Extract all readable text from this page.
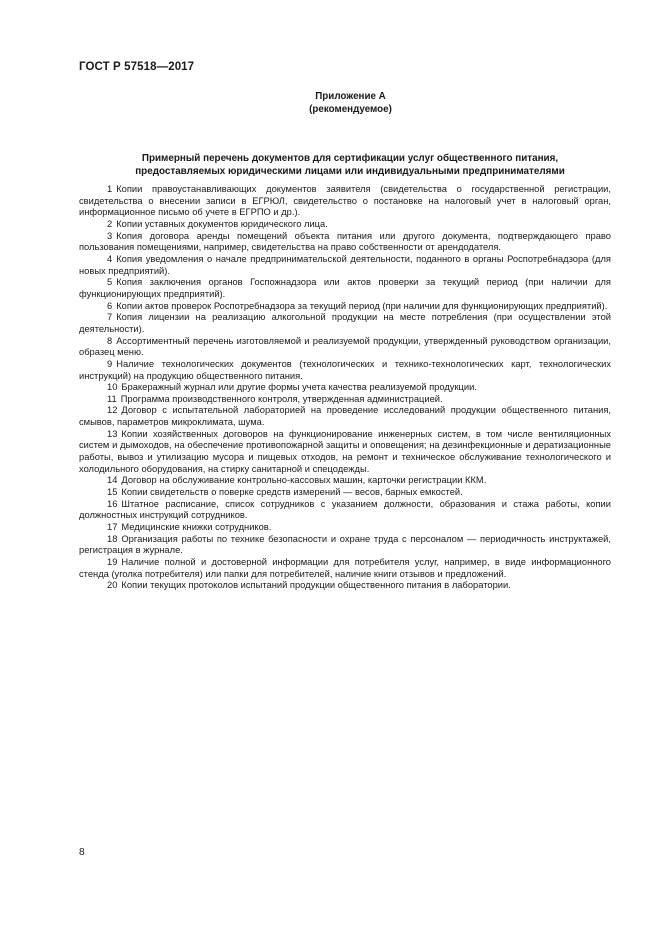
ГОСТ Р 57518—2017
Приложение А
(рекомендуемое)
Примерный перечень документов для сертификации услуг общественного питания,
предоставляемых юридическими лицами или индивидуальными предпринимателями

1 Копии правоустанавливающих документов заявителя (свидетельства о государственной регистрации, свидетельства о внесении записи в ЕГРЮЛ, свидетельство о постановке на налоговый учет в налоговый орган, информационное письмо об учете в ЕГРПО и др.).

2 Копии уставных документов юридического лица.

3 Копия договора аренды помещений объекта питания или другого документа, подтверждающего право пользования помещениями, например, свидетельства на право собственности от арендодателя.

4 Копия уведомления о начале предпринимательской деятельности, поданного в органы Роспотребнадзора (для новых предприятий).

5 Копия заключения органов Госпожнадзора или актов проверки за текущий период (при наличии для функционирующих предприятий).

6 Копии актов проверок Роспотребнадзора за текущий период (при наличии для функционирующих предприятий).

7 Копия лицензии на реализацию алкогольной продукции на месте потребления (при осуществлении этой деятельности).

8 Ассортиментный перечень изготовляемой и реализуемой продукции, утвержденный руководством организации, образец меню.

9 Наличие технологических документов (технологических и технико-технологических карт, технологических инструкций) на продукцию общественного питания.

10 Бракеражный журнал или другие формы учета качества реализуемой продукции.

11 Программа производственного контроля, утвержденная администрацией.

12 Договор с испытательной лабораторией на проведение исследований продукции общественного питания, смывов, параметров микроклимата, шума.

13 Копии хозяйственных договоров на функционирование инженерных систем, в том числе вентиляционных систем и дымоходов, на обеспечение противопожарной защиты и оповещения; на дезинфекционные и дератизационные работы, вывоз и утилизацию мусора и пищевых отходов, на ремонт и техническое обслуживание технологического и холодильного оборудования, на стирку санитарной и спецодежды.

14 Договор на обслуживание контрольно-кассовых машин, карточки регистрации ККМ.

15 Копии свидетельств о поверке средств измерений — весов, барных емкостей.

16 Штатное расписание, список сотрудников с указанием должности, образования и стажа работы, копии должностных инструкций сотрудников.

17 Медицинские книжки сотрудников.

18 Организация работы по технике безопасности и охране труда с персоналом — периодичность инструктажей, регистрация в журнале.

19 Наличие полной и достоверной информации для потребителя услуг, например, в виде информационного стенда (уголка потребителя) или папки для потребителей, наличие книги отзывов и предложений.

20 Копии текущих протоколов испытаний продукции общественного питания в лаборатории.

8
